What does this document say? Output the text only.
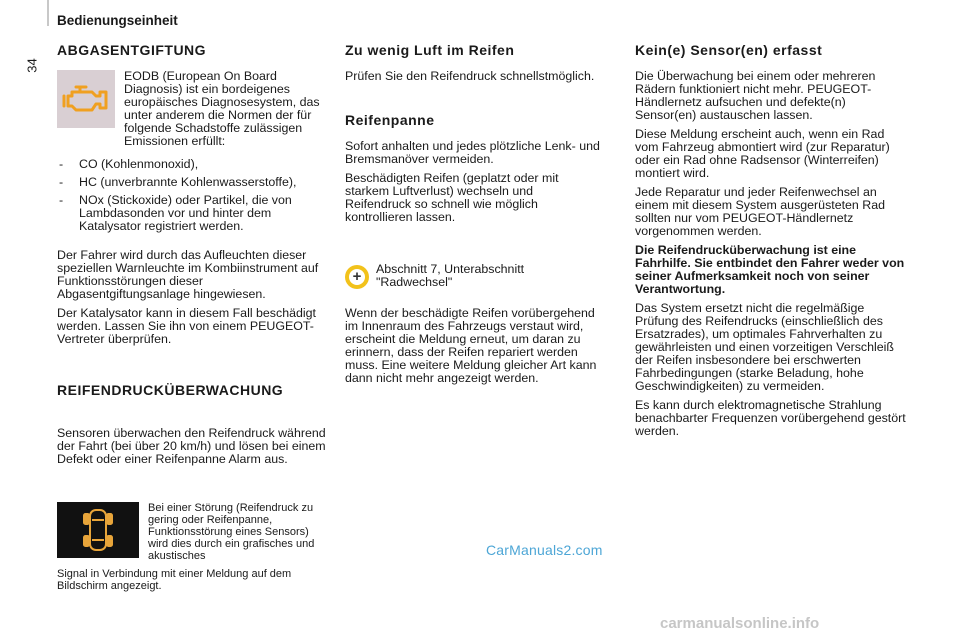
Bedienungseinheit
34
ABGASENTGIFTUNG
EODB (European On Board Diagnosis) ist ein bordeigenes europäisches Diagnosesystem, das unter anderem die Normen der für folgende Schadstoffe zulässigen Emissionen erfüllt:
- CO (Kohlenmonoxid),
- HC (unverbrannte Kohlenwasserstoffe),
- NOx (Stickoxide) oder Partikel, die von Lambdasonden vor und hinter dem Katalysator registriert werden.

Der Fahrer wird durch das Aufleuchten dieser speziellen Warnleuchte im Kombiinstrument auf Funktionsstörungen dieser Abgasentgiftungsanlage hingewiesen.

Der Katalysator kann in diesem Fall beschädigt werden. Lassen Sie ihn von einem PEUGEOT-Vertreter überprüfen.

REIFENDRUCKÜBERWACHUNG
Sensoren überwachen den Reifendruck während der Fahrt (bei über 20 km/h) und lösen bei einem Defekt oder einer Reifenpanne Alarm aus.
Bei einer Störung (Reifendruck zu gering oder Reifenpanne, Funktionsstörung eines Sensors) wird dies durch ein grafisches und akustisches
Signal in Verbindung mit einer Meldung auf dem Bildschirm angezeigt.
Zu wenig Luft im Reifen
Prüfen Sie den Reifendruck schnellstmöglich.
Reifenpanne

Sofort anhalten und jedes plötzliche Lenk- und Bremsmanöver vermeiden.

Beschädigten Reifen (geplatzt oder mit starkem Luftverlust) wechseln und Reifendruck so schnell wie möglich kontrollieren lassen.

+ Abschnitt 7, Unterabschnitt
"Radwechsel"
Wenn der beschädigte Reifen vorübergehend im Innenraum des Fahrzeugs verstaut wird, erscheint die Meldung erneut, um daran zu erinnern, dass der Reifen repariert werden muss. Eine weitere Meldung gleicher Art kann dann nicht mehr angezeigt werden.
Kein(e) Sensor(en) erfasst

Die Überwachung bei einem oder mehreren Rädern funktioniert nicht mehr. PEUGEOT-Händlernetz aufsuchen und defekte(n) Sensor(en) austauschen lassen.

Diese Meldung erscheint auch, wenn ein Rad vom Fahrzeug abmontiert wird (zur Reparatur) oder ein Rad ohne Radsensor (Winterreifen) montiert wird.

Jede Reparatur und jeder Reifenwechsel an einem mit diesem System ausgerüsteten Rad sollten nur vom PEUGEOT-Händlernetz vorgenommen werden.

Die Reifendrucküberwachung ist eine Fahrhilfe. Sie entbindet den Fahrer weder von seiner Aufmerksamkeit noch von seiner Verantwortung.

Das System ersetzt nicht die regelmäßige Prüfung des Reifendrucks (einschließlich des Ersatzrades), um optimales Fahrverhalten zu gewährleisten und einen vorzeitigen Verschleiß der Reifen insbesondere bei erschwerten Fahrbedingungen (starke Beladung, hohe Geschwindigkeiten) zu vermeiden.

Es kann durch elektromagnetische Strahlung benachbarter Frequenzen vorübergehend gestört werden.

CarManuals2.com
carmanualsonline.info
